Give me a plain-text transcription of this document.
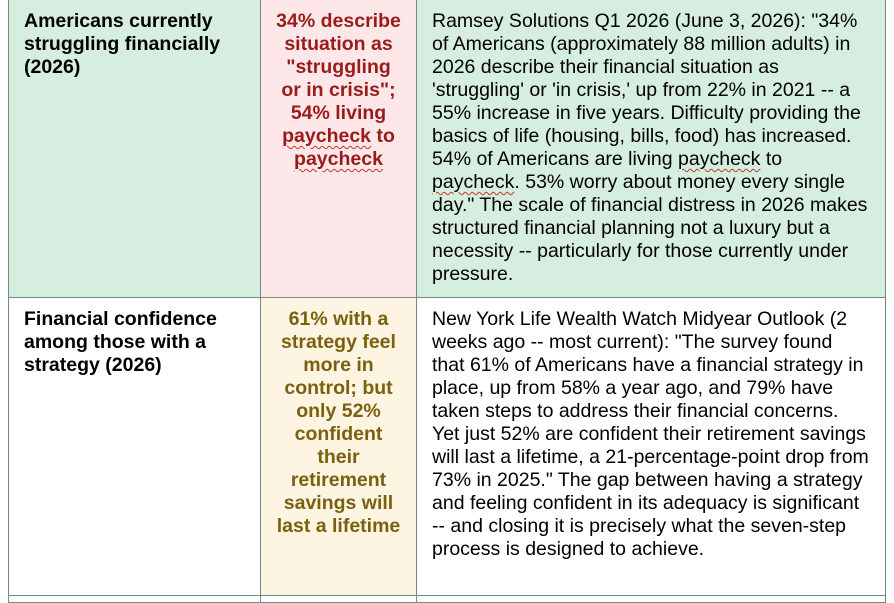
Americans currently struggling financially (2026)	34% describe situation as "struggling or in crisis"; 54% living paycheck to paycheck	Ramsey Solutions Q1 2026 (June 3, 2026): "34% of Americans (approximately 88 million adults) in 2026 describe their financial situation as 'struggling' or 'in crisis,' up from 22% in 2021 -- a 55% increase in five years. Difficulty providing the basics of life (housing, bills, food) has increased. 54% of Americans are living paycheck to paycheck. 53% worry about money every single day." The scale of financial distress in 2026 makes structured financial planning not a luxury but a necessity -- particularly for those currently under pressure.
Financial confidence among those with a strategy (2026)	61% with a strategy feel more in control; but only 52% confident their retirement savings will last a lifetime	New York Life Wealth Watch Midyear Outlook (2 weeks ago -- most current): "The survey found that 61% of Americans have a financial strategy in place, up from 58% a year ago, and 79% have taken steps to address their financial concerns. Yet just 52% are confident their retirement savings will last a lifetime, a 21-percentage-point drop from 73% in 2025." The gap between having a strategy and feeling confident in its adequacy is significant -- and closing it is precisely what the seven-step process is designed to achieve.
